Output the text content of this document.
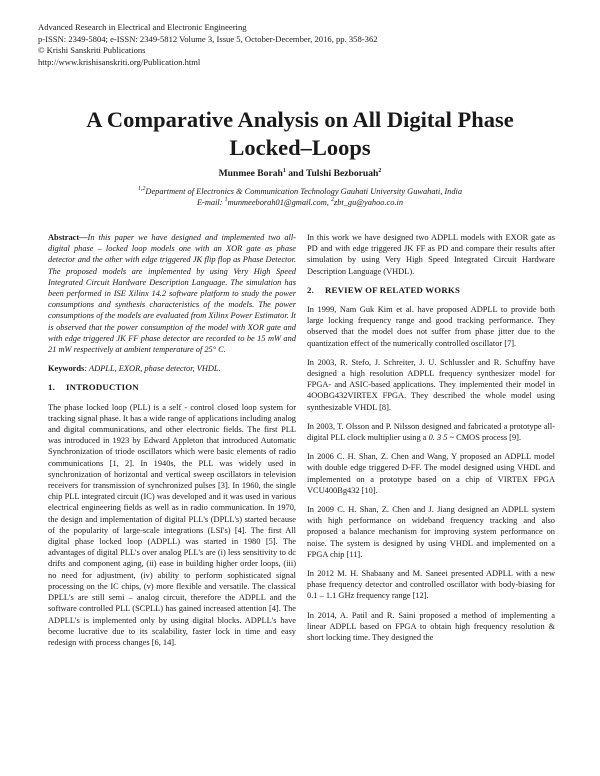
Advanced Research in Electrical and Electronic Engineering
p-ISSN: 2349-5804; e-ISSN: 2349-5812 Volume 3, Issue 5, October-December, 2016, pp. 358-362
© Krishi Sanskriti Publications
http://www.krishisanskriti.org/Publication.html
A Comparative Analysis on All Digital Phase
Locked–Loops
Munmee Borah$^1$ and Tulshi Bezboruah$^2$
$^{1,2}$Department of Electronics & Communication Technology Gauhati University Guwahati, India
E-mail: $^1$munmeeborah01@gmail.com, $^2$zbt_gu@yahoo.co.in

Abstract—In this paper we have designed and implemented two all-digital phase – locked loop models one with an XOR gate as phase detector and the other with edge triggered JK flip flop as Phase Detector. The proposed models are implemented by using Very High Speed Integrated Circuit Hardware Description Language. The simulation has been performed in ISE Xilinx 14.2 software platform to study the power consumptions and synthesis characteristics of the models. The power consumptions of the models are evaluated from Xilinx Power Estimator. It is observed that the power consumption of the model with XOR gate and with edge triggered JK FF phase detector are recorded to be 15 mW and 21 mW respectively at ambient temperature of 25° C.

Keywords: ADPLL, EXOR, phase detector, VHDL.

1. INTRODUCTION

The phase locked loop (PLL) is a self - control closed loop system for tracking signal phase. It has a wide range of applications including analog and digital communications, and other electronic fields. The first PLL was introduced in 1923 by Edward Appleton that introduced Automatic Synchronization of triode oscillators which were basic elements of radio communications [1, 2]. In 1940s, the PLL was widely used in synchronization of horizontal and vertical sweep oscillators in television receivers for transmission of synchronized pulses [3]. In 1960, the single chip PLL integrated circuit (IC) was developed and it was used in various electrical engineering fields as well as in radio communication. In 1970, the design and implementation of digital PLL's (DPLL's) started because of the popularity of large-scale integrations (LSI's) [4]. The first All digital phase locked loop (ADPLL) was started in 1980 [5]. The advantages of digital PLL's over analog PLL's are (i) less sensitivity to dc drifts and component aging, (ii) ease in building higher order loops, (iii) no need for adjustment, (iv) ability to perform sophisticated signal processing on the IC chips, (v) more flexible and versatile. The classical DPLL's are still semi – analog circuit, therefore the ADPLL and the software controlled PLL (SCPLL) has gained increased attention [4]. The ADPLL's is implemented only by using digital blocks. ADPLL's have become lucrative due to its scalability, faster lock in time and easy redesign with process changes [6, 14].

In this work we have designed two ADPLL models with EXOR gate as PD and with edge triggered JK FF as PD and compare their results after simulation by using Very High Speed Integrated Circuit Hardware Description Language (VHDL).

2. REVIEW OF RELATED WORKS

In 1999, Nam Guk Kim et al. have proposed ADPLL to provide both large locking frequency range and good tracking performance. They observed that the model does not suffer from phase jitter due to the quantization effect of the numerically controlled oscillator [7].

In 2003, R. Stefo, J. Schreiter, J. U. Schlussler and R. Schuffny have designed a high resolution ADPLL frequency synthesizer model for FPGA- and ASIC-based applications. They implemented their model in 4OOBG432VIRTEX FPGA. They described the whole model using synthesizable VHDL [8].

In 2003, T. Olsson and P. Nilsson designed and fabricated a prototype all-digital PLL clock multiplier using a 0. 3 5 ~ CMOS process [9].

In 2006 C. H. Shan, Z. Chen and Wang, Y proposed an ADPLL model with double edge triggered D-FF. The model designed using VHDL and implemented on a prototype based on a chip of VIRTEX FPGA VCU400Bg432 [10].

In 2009 C. H. Shan, Z. Chen and J. Jiang designed an ADPLL system with high performance on wideband frequency tracking and also proposed a balance mechanism for improving system performance on noise. The system is designed by using VHDL and implemented on a FPGA chip [11].

In 2012 M. H. Shabaany and M. Saneei presented ADPLL with a new phase frequency detector and controlled oscillator with body-biasing for 0.1 – 1.1 GHz frequency range [12].

In 2014, A. Patil and R. Saini proposed a method of implementing a linear ADPLL based on FPGA to obtain high frequency resolution & short locking time. They designed the
